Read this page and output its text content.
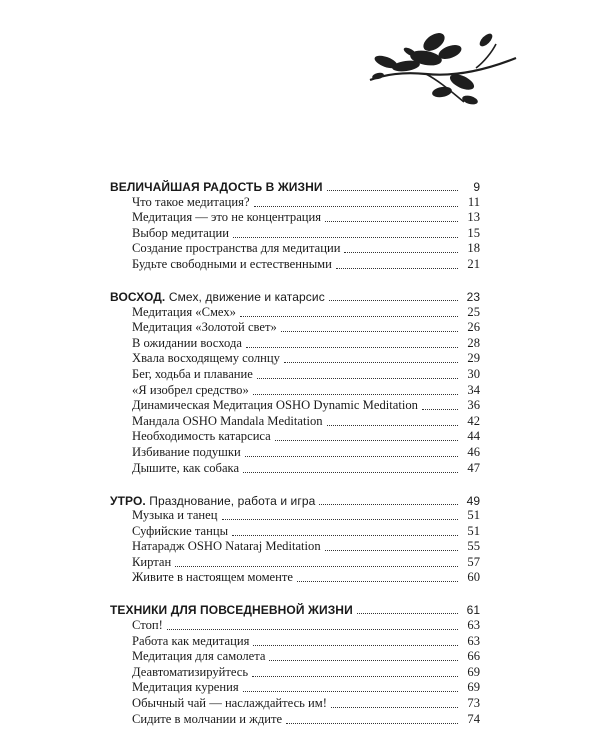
ВЕЛИЧАЙШАЯ РАДОСТЬ В ЖИЗНИ	9
Что такое медитация?	11
Медитация — это не концентрация	13
Выбор медитации	15
Создание пространства для медитации	18
Будьте свободными и естественными	21
ВОСХОД. Смех, движение и катарсис	23
Медитация «Смех»	25
Медитация «Золотой свет»	26
В ожидании восхода	28
Хвала восходящему солнцу	29
Бег, ходьба и плавание	30
«Я изобрел средство»	34
Динамическая Медитация OSHO Dynamic Meditation	36
Мандала OSHO Mandala Meditation	42
Необходимость катарсиса	44
Избивание подушки	46
Дышите, как собака	47
УТРО. Празднование, работа и игра	49
Музыка и танец	51
Суфийские танцы	51
Натарадж OSHO Nataraj Meditation	55
Киртан	57
Живите в настоящем моменте	60
ТЕХНИКИ ДЛЯ ПОВСЕДНЕВНОЙ ЖИЗНИ	61
Стоп!	63
Работа как медитация	63
Медитация для самолета	66
Деавтоматизируйтесь	69
Медитация курения	69
Обычный чай — наслаждайтесь им!	73
Сидите в молчании и ждите	74
